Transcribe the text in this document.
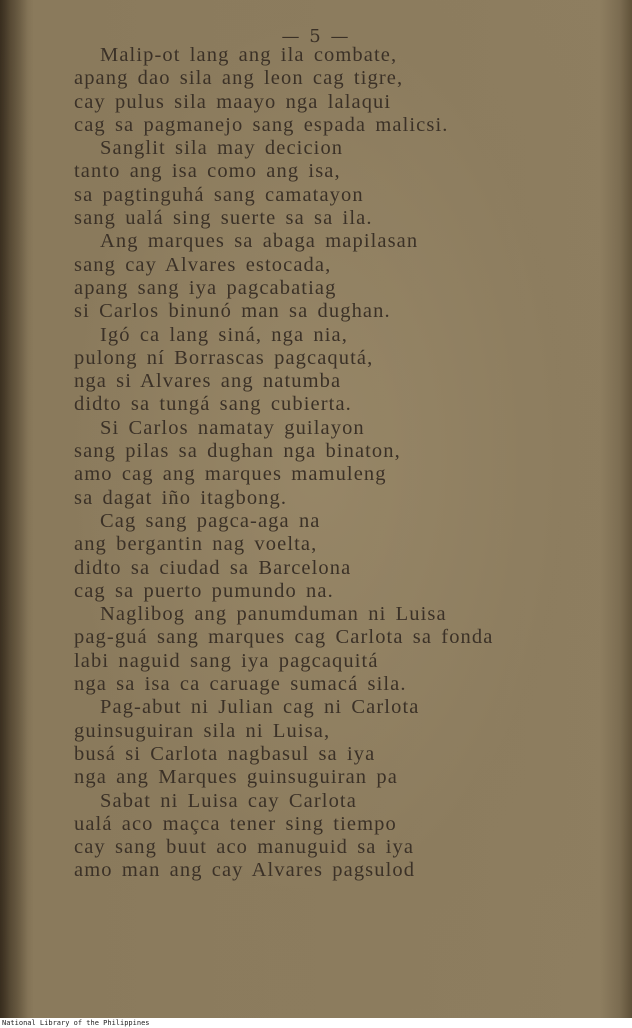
— 5 —
Malip-ot lang ang ila combate,
apang dao sila ang leon cag tigre,
cay pulus sila maayo nga lalaqui
cag sa pagmanejo sang espada malicsi.
Sanglit sila may decicion
tanto ang isa como ang isa,
sa pagtinguhá sang camatayon
sang ualá sing suerte sa sa ila.
Ang marques sa abaga mapilasan
sang cay Alvares estocada,
apang sang iya pagcabatiag
si Carlos binunó man sa dughan.
Igó ca lang siná, nga nia,
pulong ní Borrascas pagcaqutá,
nga si Alvares ang natumba
didto sa tungá sang cubierta.
Si Carlos namatay guilayon
sang pilas sa dughan nga binaton,
amo cag ang marques mamuleng
sa dagat iño itagbong.
Cag sang pagca-aga na
ang bergantin nag voelta,
didto sa ciudad sa Barcelona
cag sa puerto pumundo na.
Naglibog ang panumduman ni Luisa
pag-guá sang marques cag Carlota sa fonda
labi naguid sang iya pagcaquitá
nga sa isa ca caruage sumacá sila.
Pag-abut ni Julian cag ni Carlota
guinsuguiran sila ni Luisa,
busá si Carlota nagbasul sa iya
nga ang Marques guinsuguiran pa
Sabat ni Luisa cay Carlota
ualá aco maçca tener sing tiempo
cay sang buut aco manuguid sa iya
amo man ang cay Alvares pagsulod
National Library of the Philippines
